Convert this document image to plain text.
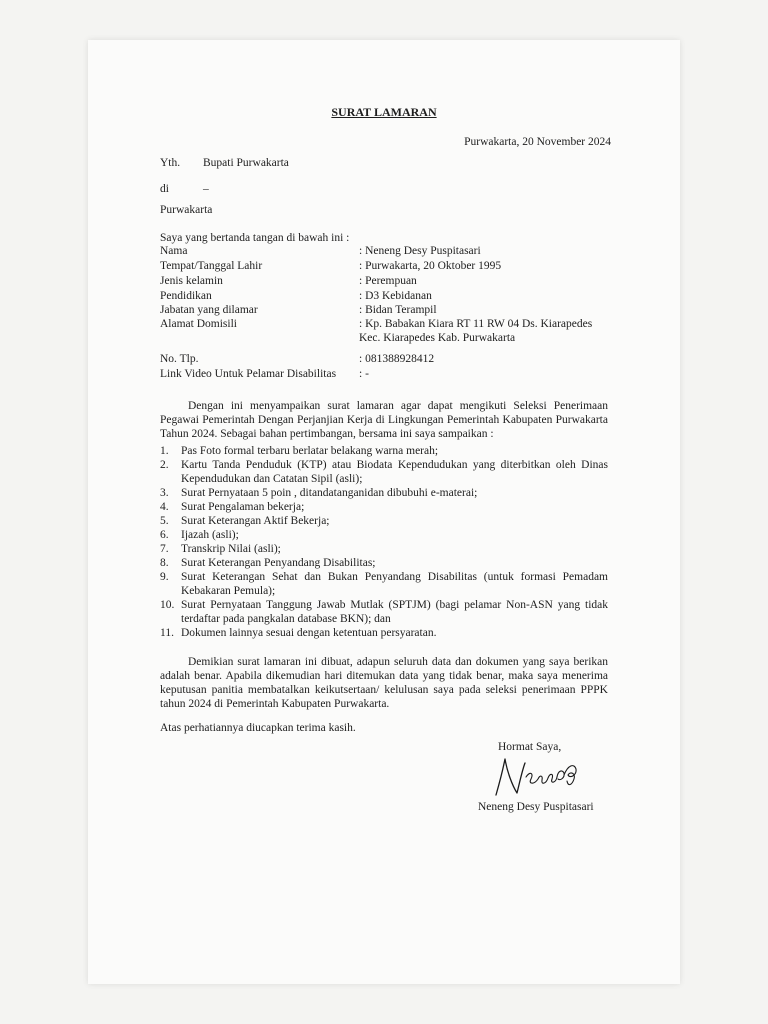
SURAT LAMARAN
Purwakarta, 20 November 2024
Yth. Bupati Purwakarta
di	–
Purwakarta
Saya yang bertanda tangan di bawah ini :
Nama	: Neneng Desy Puspitasari
Tempat/Tanggal Lahir	: Purwakarta, 20 Oktober 1995
Jenis kelamin	: Perempuan
Pendidikan	: D3 Kebidanan
Jabatan yang dilamar	: Bidan Terampil
Alamat Domisili	: Kp. Babakan Kiara RT 11 RW 04 Ds. Kiarapedes Kec. Kiarapedes Kab. Purwakarta
No. Tlp.	: 081388928412
Link Video Untuk Pelamar Disabilitas	: -
Dengan ini menyampaikan surat lamaran agar dapat mengikuti Seleksi Penerimaan Pegawai Pemerintah Dengan Perjanjian Kerja di Lingkungan Pemerintah Kabupaten Purwakarta Tahun 2024. Sebagai bahan pertimbangan, bersama ini saya sampaikan :
1. Pas Foto formal terbaru berlatar belakang warna merah;
2. Kartu Tanda Penduduk (KTP) atau Biodata Kependudukan yang diterbitkan oleh Dinas Kependudukan dan Catatan Sipil (asli);
3. Surat Pernyataan 5 poin , ditandatanganidan dibubuhi e-materai;
4. Surat Pengalaman bekerja;
5. Surat Keterangan Aktif Bekerja;
6. Ijazah (asli);
7. Transkrip Nilai (asli);
8. Surat Keterangan Penyandang Disabilitas;
9. Surat Keterangan Sehat dan Bukan Penyandang Disabilitas (untuk formasi Pemadam Kebakaran Pemula);
10. Surat Pernyataan Tanggung Jawab Mutlak (SPTJM) (bagi pelamar Non-ASN yang tidak terdaftar pada pangkalan database BKN); dan
11. Dokumen lainnya sesuai dengan ketentuan persyaratan.
Demikian surat lamaran ini dibuat, adapun seluruh data dan dokumen yang saya berikan adalah benar. Apabila dikemudian hari ditemukan data yang tidak benar, maka saya menerima keputusan panitia membatalkan keikutsertaan/ kelulusan saya pada seleksi penerimaan PPPK tahun 2024 di Pemerintah Kabupaten Purwakarta.
Atas perhatiannya diucapkan terima kasih.
Hormat Saya,
Neneng Desy Puspitasari
